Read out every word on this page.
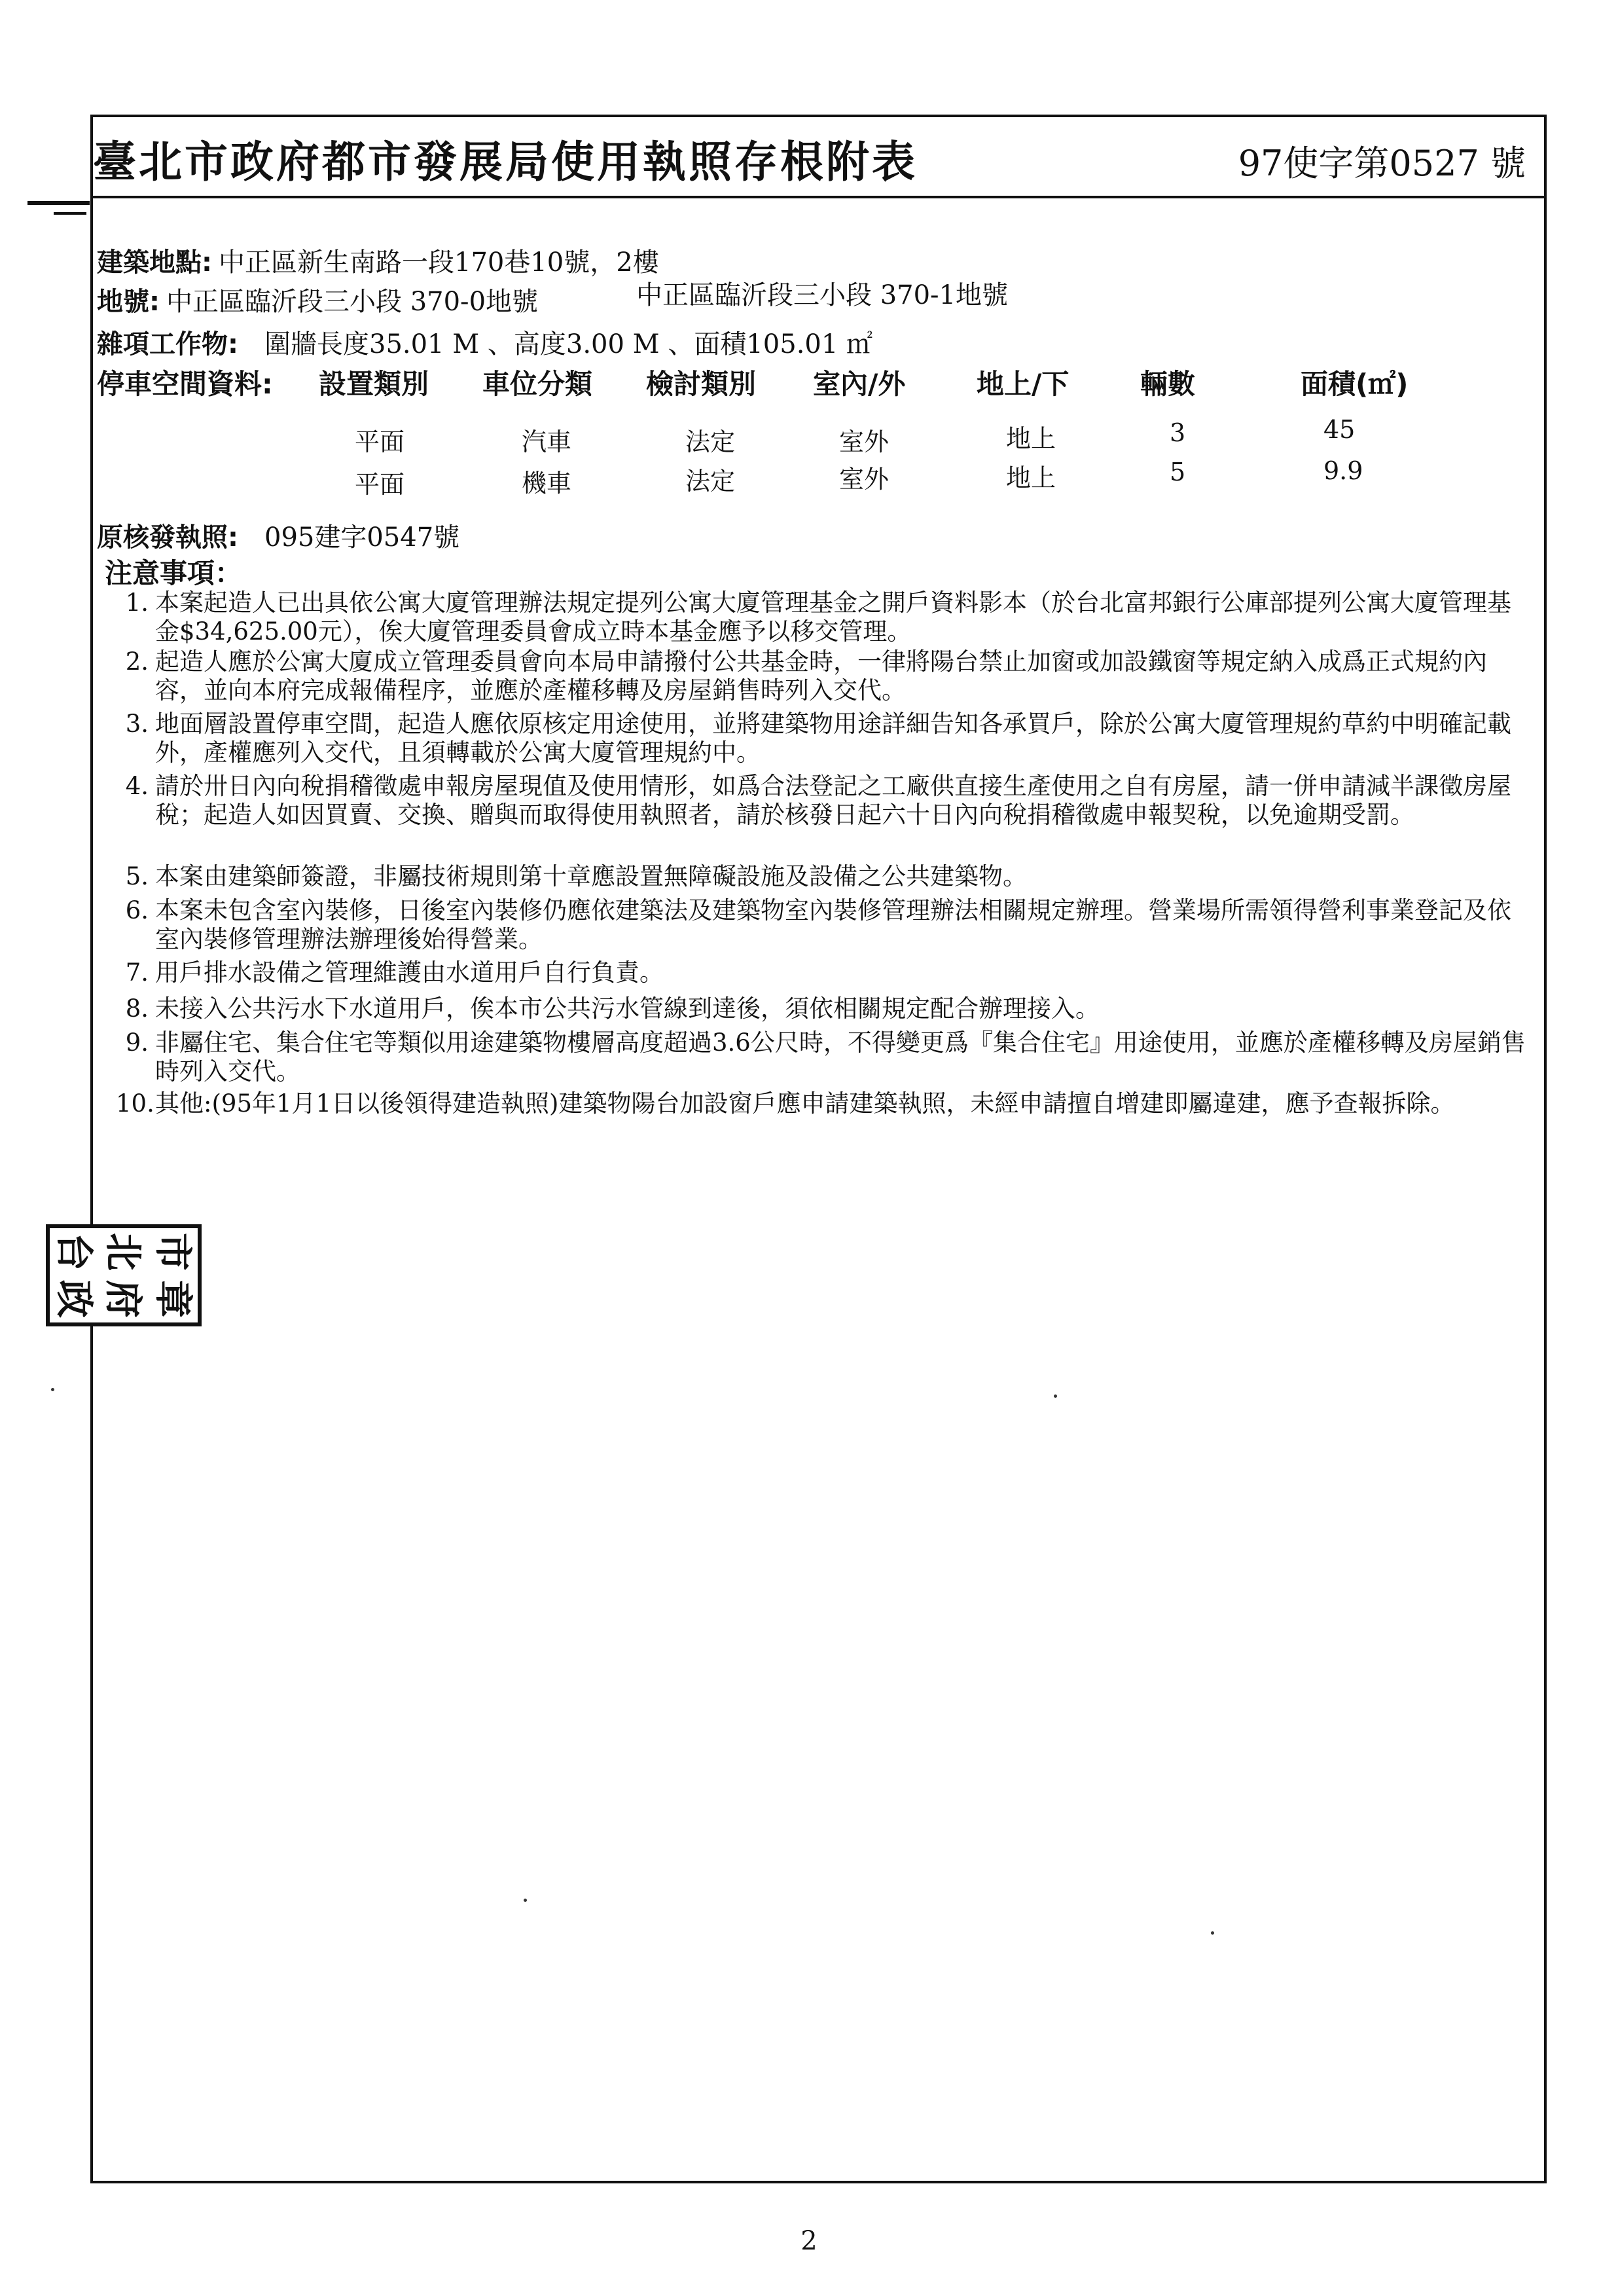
臺北市政府都市發展局使用執照存根附表	97使字第0527 號
建築地點: 中正區新生南路一段170巷10號，2樓
地號: 中正區臨沂段三小段 370-0地號	中正區臨沂段三小段 370-1地號
雜項工作物: 圍牆長度35.01 M 、高度3.00 M 、面積105.01 ㎡
停車空間資料: 設置類別 車位分類 檢討類別 室內/外	地上/下	輛數	面積(㎡)
平面	汽車	法定	室外	地上	3	45
平面	機車	法定	室外	地上	5	9.9
原核發執照: 095建字0547號
注意事項：
1. 本案起造人已出具依公寓大廈管理辦法規定提列公寓大廈管理基金之開戶資料影本（於台北富邦銀行公庫部提列公寓大廈管理基金$34,625.00元），俟大廈管理委員會成立時本基金應予以移交管理。
2. 起造人應於公寓大廈成立管理委員會向本局申請撥付公共基金時，一律將陽台禁止加窗或加設鐵窗等規定納入成爲正式規約內容，並向本府完成報備程序，並應於產權移轉及房屋銷售時列入交代。
3. 地面層設置停車空間，起造人應依原核定用途使用，並將建築物用途詳細告知各承買戶，除於公寓大廈管理規約草約中明確記載外，產權應列入交代，且須轉載於公寓大廈管理規約中。
4. 請於卅日內向稅捐稽徵處申報房屋現值及使用情形，如爲合法登記之工廠供直接生產使用之自有房屋，請一併申請減半課徵房屋稅；起造人如因買賣、交換、贈與而取得使用執照者，請於核發日起六十日內向稅捐稽徵處申報契稅，以免逾期受罰。
5. 本案由建築師簽證，非屬技術規則第十章應設置無障礙設施及設備之公共建築物。
6. 本案未包含室內裝修，日後室內裝修仍應依建築法及建築物室內裝修管理辦法相關規定辦理。營業場所需領得營利事業登記及依室內裝修管理辦法辦理後始得營業。
7. 用戶排水設備之管理維護由水道用戶自行負責。
8. 未接入公共污水下水道用戶，俟本市公共污水管線到達後，須依相關規定配合辦理接入。
9. 非屬住宅、集合住宅等類似用途建築物樓層高度超過3.6公尺時，不得變更爲『集合住宅』用途使用，並應於產權移轉及房屋銷售時列入交代。
10.其他:(95年1月1日以後領得建造執照)建築物陽台加設窗戶應申請建築執照，未經申請擅自增建即屬違建，應予查報拆除。
台 北 市
政 府 章
2
